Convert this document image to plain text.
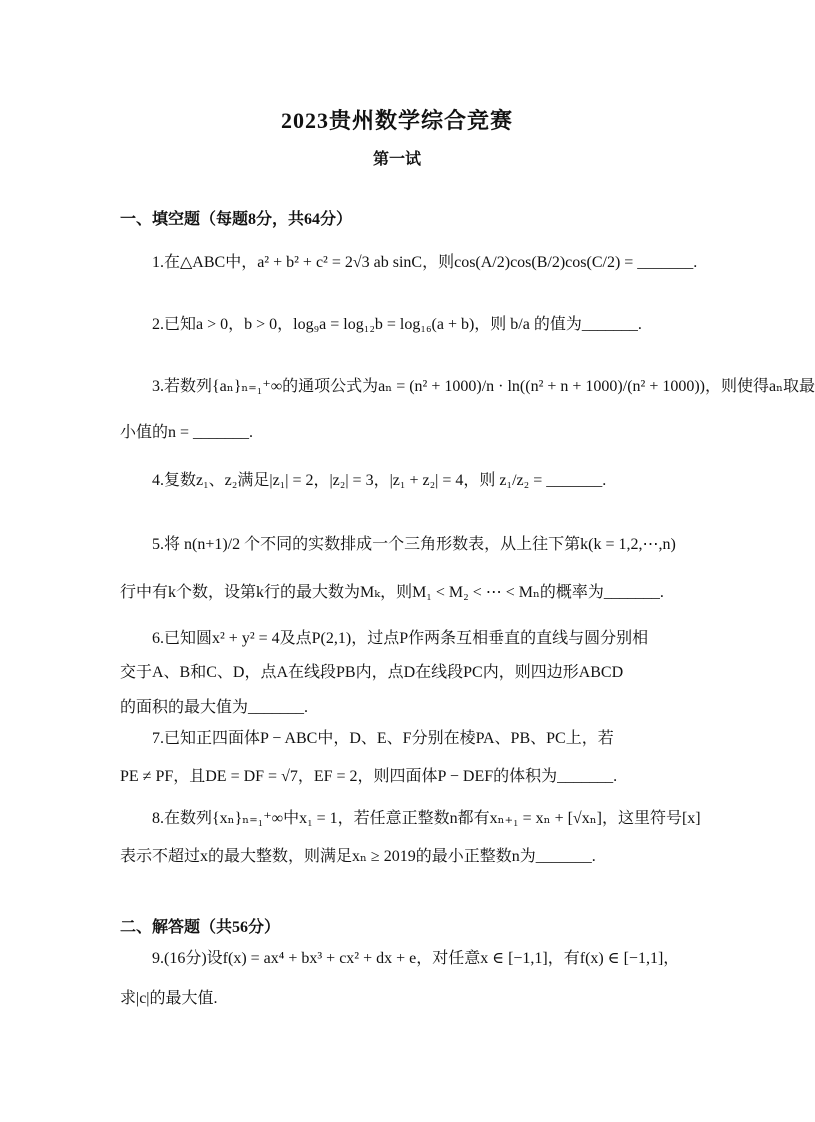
2023贵州数学综合竞赛
第一试
一、填空题（每题8分，共64分）
1.在△ABC中，a² + b² + c² = 2√3 ab sinC，则cos(A/2)cos(B/2)cos(C/2) = _______.
2.已知a > 0，b > 0，log₉a = log₁₂b = log₁₆(a + b)，则 b/a 的值为_______.
3.若数列{aₙ}ₙ₌₁⁺∞的通项公式为aₙ = (n² + 1000)/n · ln((n² + n + 1000)/(n² + 1000))，则使得aₙ取最
小值的n = _______.
4.复数z₁、z₂满足|z₁| = 2，|z₂| = 3，|z₁ + z₂| = 4，则 z₁/z₂ = _______.
5.将 n(n+1)/2 个不同的实数排成一个三角形数表，从上往下第k(k = 1,2,⋯,n)
行中有k个数，设第k行的最大数为Mₖ，则M₁ < M₂ < ⋯ < Mₙ的概率为_______.
6.已知圆x² + y² = 4及点P(2,1)，过点P作两条互相垂直的直线与圆分别相
交于A、B和C、D，点A在线段PB内，点D在线段PC内，则四边形ABCD
的面积的最大值为_______.
7.已知正四面体P − ABC中，D、E、F分别在棱PA、PB、PC上，若
PE ≠ PF，且DE = DF = √7，EF = 2，则四面体P − DEF的体积为_______.
8.在数列{xₙ}ₙ₌₁⁺∞中x₁ = 1，若任意正整数n都有xₙ₊₁ = xₙ + [√xₙ]，这里符号[x]
表示不超过x的最大整数，则满足xₙ ≥ 2019的最小正整数n为_______.
二、解答题（共56分）
9.(16分)设f(x) = ax⁴ + bx³ + cx² + dx + e，对任意x ∈ [−1,1]，有f(x) ∈ [−1,1]，
求|c|的最大值.
